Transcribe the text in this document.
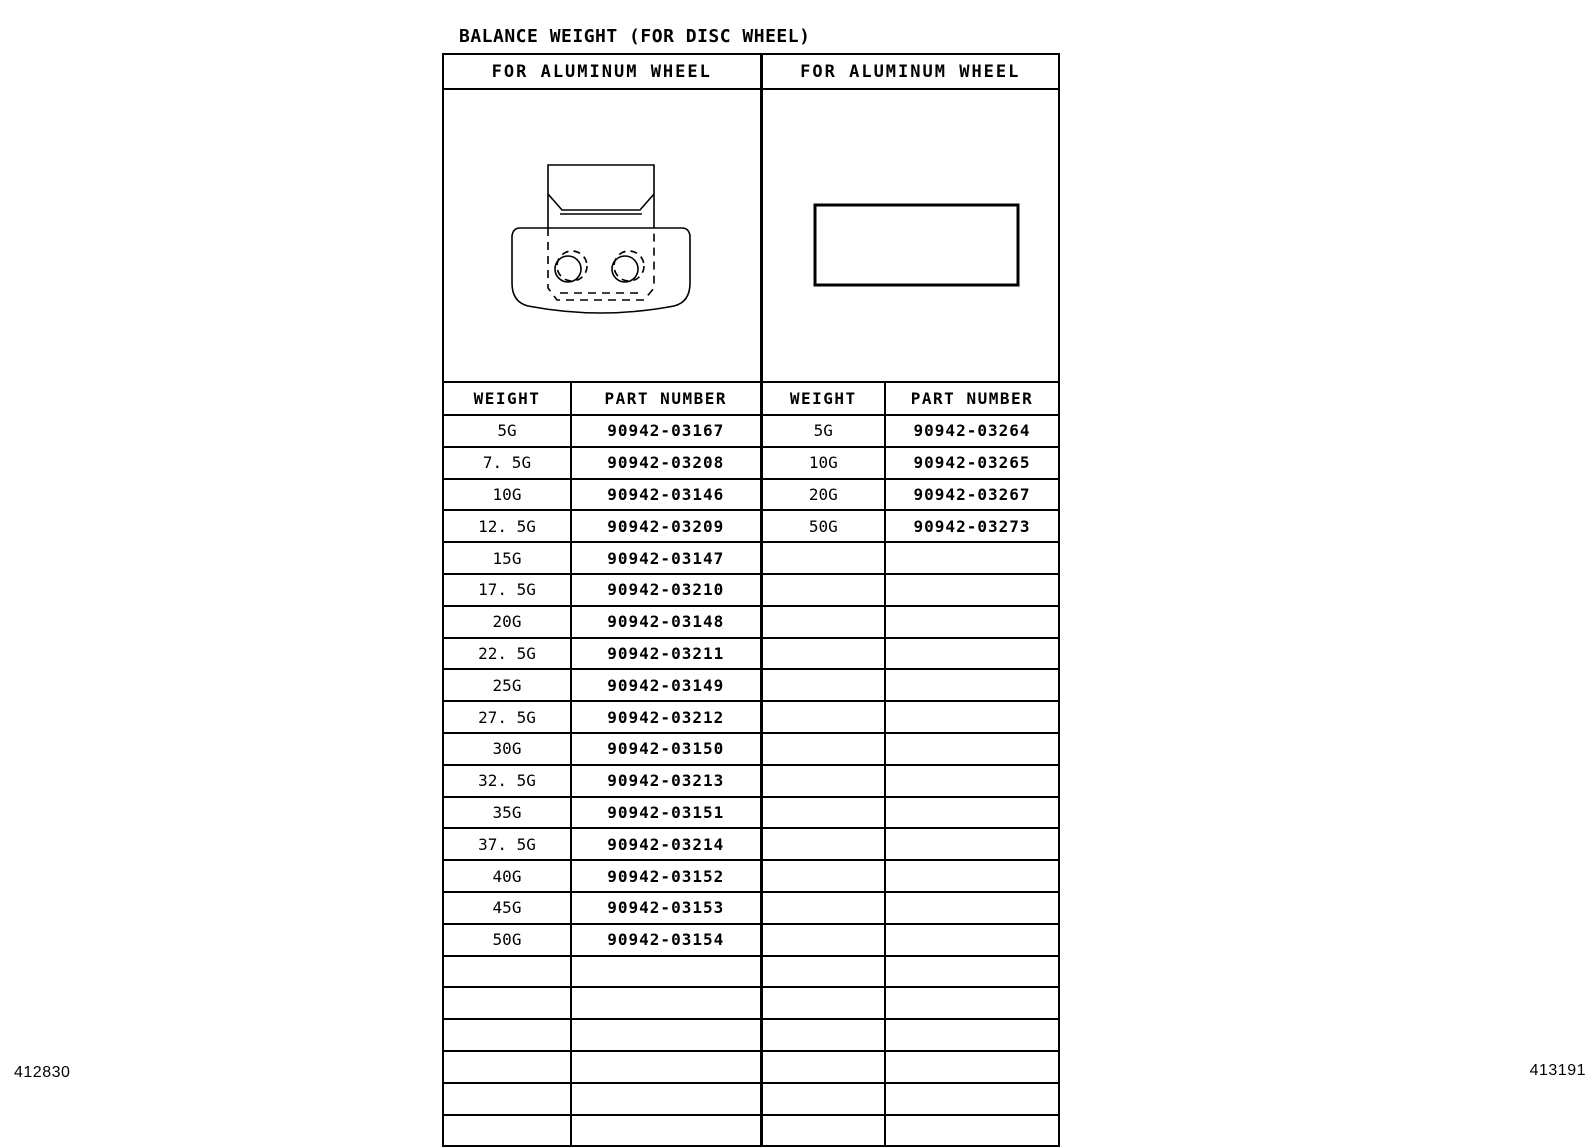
BALANCE WEIGHT (FOR DISC WHEEL)
FOR ALUMINUM WHEEL		FOR ALUMINUM WHEEL	

WEIGHT	PART NUMBER	WEIGHT	PART NUMBER
5G	90942-03167	5G	90942-03264
7. 5G	90942-03208	10G	90942-03265
10G	90942-03146	20G	90942-03267
12. 5G	90942-03209	50G	90942-03273
15G	90942-03147		
17. 5G	90942-03210		
20G	90942-03148		
22. 5G	90942-03211		
25G	90942-03149		
27. 5G	90942-03212		
30G	90942-03150		
32. 5G	90942-03213		
35G	90942-03151		
37. 5G	90942-03214		
40G	90942-03152		
45G	90942-03153		
50G	90942-03154		

412830	413191
